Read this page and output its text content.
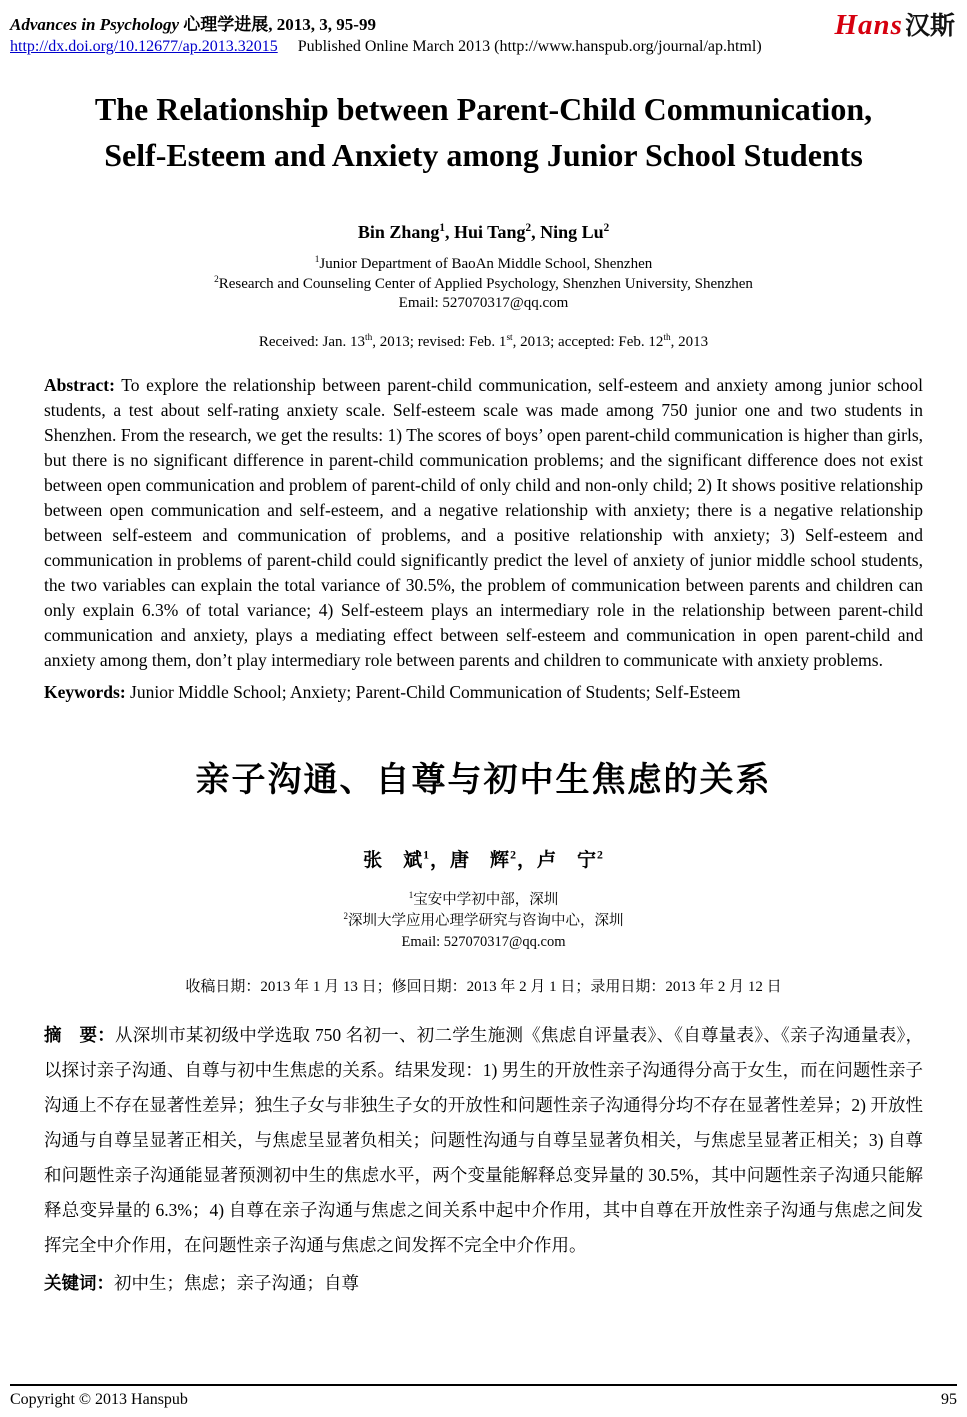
Advances in Psychology 心理学进展, 2013, 3, 95-99
http://dx.doi.org/10.12677/ap.2013.32015 Published Online March 2013 (http://www.hanspub.org/journal/ap.html)
Hans汉斯
The Relationship between Parent-Child Communication,
Self-Esteem and Anxiety among Junior School Students
Bin Zhang$^1$, Hui Tang$^2$, Ning Lu$^2$
$^1$Junior Department of BaoAn Middle School, Shenzhen
$^2$Research and Counseling Center of Applied Psychology, Shenzhen University, Shenzhen
Email: 527070317@qq.com
Received: Jan. 13th, 2013; revised: Feb. 1st, 2013; accepted: Feb. 12th, 2013
Abstract: To explore the relationship between parent-child communication, self-esteem and anxiety among junior school students, a test about self-rating anxiety scale. Self-esteem scale was made among 750 junior one and two students in Shenzhen. From the research, we get the results: 1) The scores of boys’ open parent-child communication is higher than girls, but there is no significant difference in parent-child communication problems; and the significant difference does not exist between open communication and problem of parent-child of only child and non-only child; 2) It shows positive relationship between open communication and self-esteem, and a negative relationship with anxiety; there is a negative relationship between self-esteem and communication of problems, and a positive relationship with anxiety; 3) Self-esteem and communication in problems of parent-child could significantly predict the level of anxiety of junior middle school students, the two variables can explain the total variance of 30.5%, the problem of communication between parents and children can only explain 6.3% of total variance; 4) Self-esteem plays an intermediary role in the relationship between parent-child communication and anxiety, plays a mediating effect between self-esteem and communication in open parent-child and anxiety among them, don’t play intermediary role between parents and children to communicate with anxiety problems.
Keywords: Junior Middle School; Anxiety; Parent-Child Communication of Students; Self-Esteem
亲子沟通、自尊与初中生焦虑的关系
张　斌$^1$，唐　辉$^2$，卢　宁$^2$
$^1$宝安中学初中部，深圳
$^2$深圳大学应用心理学研究与咨询中心，深圳
Email: 527070317@qq.com
收稿日期：2013 年 1 月 13 日；修回日期：2013 年 2 月 1 日；录用日期：2013 年 2 月 12 日
摘　要：从深圳市某初级中学选取 750 名初一、初二学生施测《焦虑自评量表》、《自尊量表》、《亲子沟通量表》，以探讨亲子沟通、自尊与初中生焦虑的关系。结果发现：1) 男生的开放性亲子沟通得分高于女生，而在问题性亲子沟通上不存在显著性差异；独生子女与非独生子女的开放性和问题性亲子沟通得分均不存在显著性差异；2) 开放性沟通与自尊呈显著正相关，与焦虑呈显著负相关；问题性沟通与自尊呈显著负相关，与焦虑呈显著正相关；3) 自尊和问题性亲子沟通能显著预测初中生的焦虑水平，两个变量能解释总变异量的 30.5%，其中问题性亲子沟通只能解释总变异量的 6.3%；4) 自尊在亲子沟通与焦虑之间关系中起中介作用，其中自尊在开放性亲子沟通与焦虑之间发挥完全中介作用，在问题性亲子沟通与焦虑之间发挥不完全中介作用。
关键词：初中生；焦虑；亲子沟通；自尊
Copyright © 2013 Hanspub	95
